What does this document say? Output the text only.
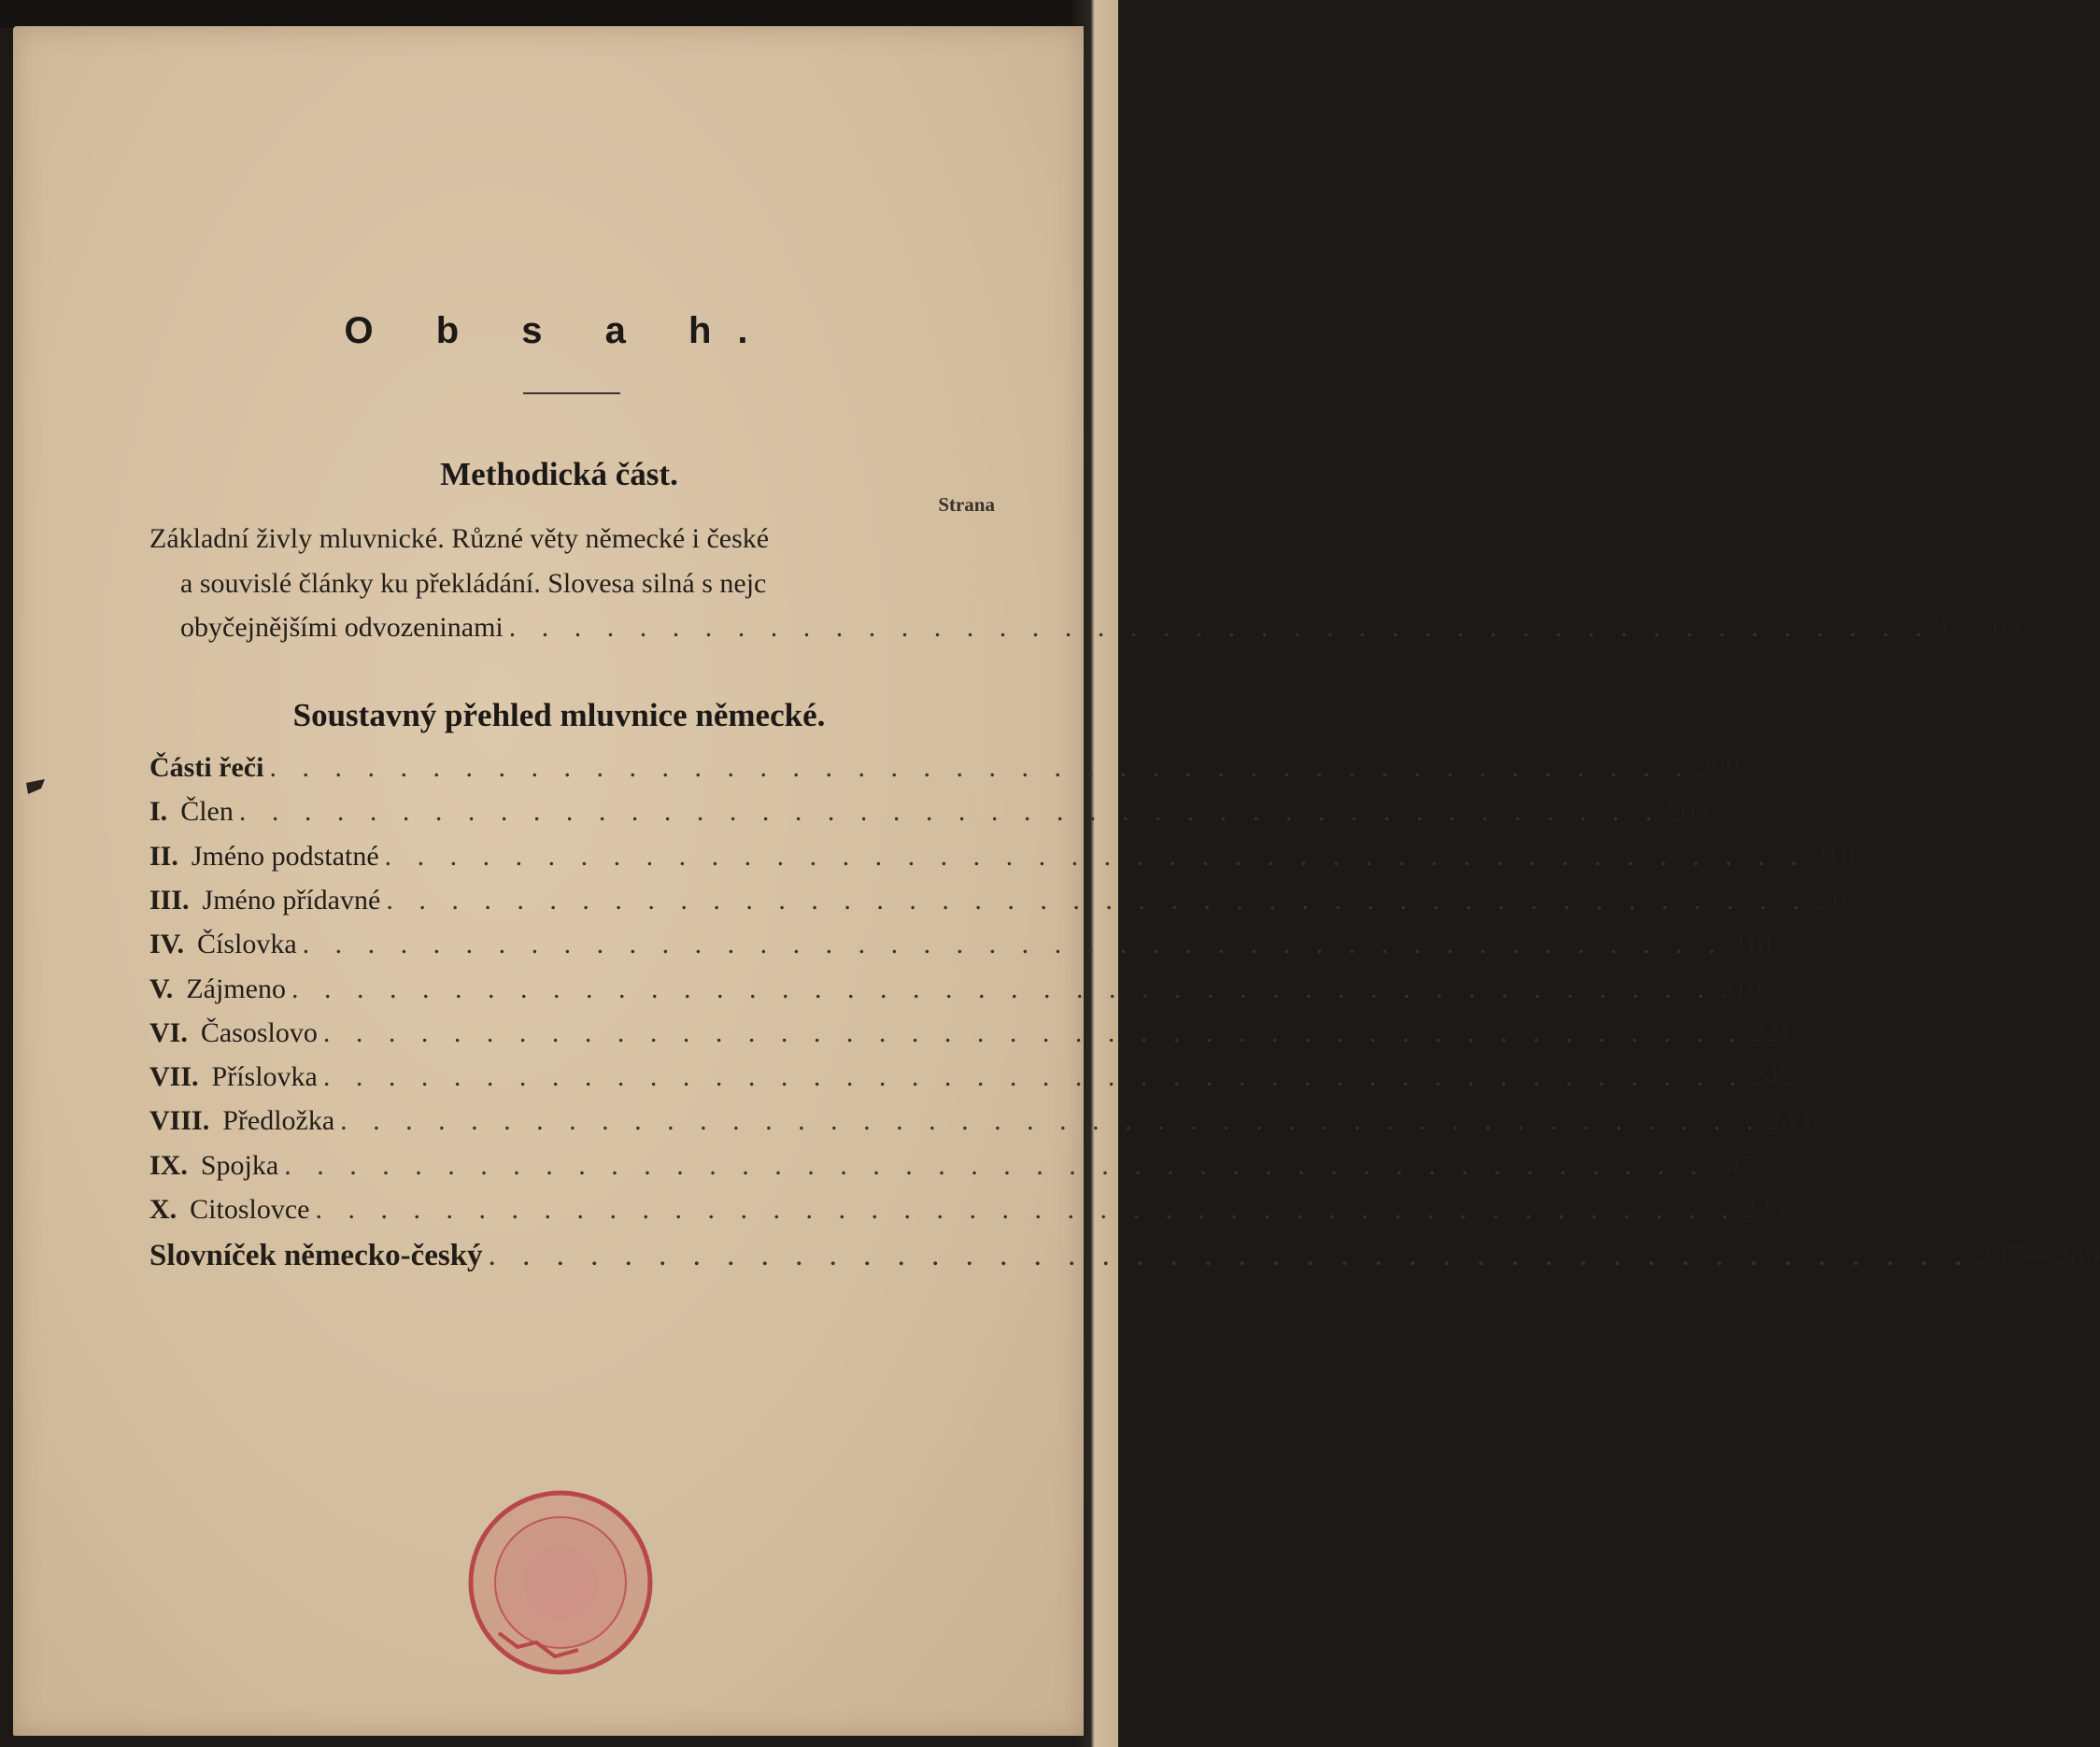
O b s a h.
Methodická část.
Strana
Základní živly mluvnické. Různé věty německé i české
a souvislé články ku překládání. Slovesa silná s nejc
obyčejnějšími odvozeninami . . . . . . . . . . . . . . . . . . . . . . . . . . . . . . . . . . . . . . . . . . . . 1—208
Soustavný přehled mluvnice německé.
Části řeči . . . . . . . . . . . . . . . . . . . . . . . . . . . . . . . . . . . . . . . . . . . . 209
I. Člen . . . . . . . . . . . . . . . . . . . . . . . . . . . . . . . . . . . . . . . . . . . . 209
II. Jméno podstatné . . . . . . . . . . . . . . . . . . . . . . . . . . . . . . . . . . . . . . . . . . . . 210
III. Jméno přídavné . . . . . . . . . . . . . . . . . . . . . . . . . . . . . . . . . . . . . . . . . . . . 216
IV. Číslovka . . . . . . . . . . . . . . . . . . . . . . . . . . . . . . . . . . . . . . . . . . . . 218
V. Zájmeno . . . . . . . . . . . . . . . . . . . . . . . . . . . . . . . . . . . . . . . . . . . . 219
VI. Časoslovo . . . . . . . . . . . . . . . . . . . . . . . . . . . . . . . . . . . . . . . . . . . . 221
VII. Příslovka . . . . . . . . . . . . . . . . . . . . . . . . . . . . . . . . . . . . . . . . . . . . 242
VIII. Předložka . . . . . . . . . . . . . . . . . . . . . . . . . . . . . . . . . . . . . . . . . . . . 243
IX. Spojka . . . . . . . . . . . . . . . . . . . . . . . . . . . . . . . . . . . . . . . . . . . . 245
X. Citoslovce . . . . . . . . . . . . . . . . . . . . . . . . . . . . . . . . . . . . . . . . . . . . 246
Slovníček německo-český . . . . . . . . . . . . . . . . . . . . . . . . . . . . . . . . . . . . . . . . . . . . 247—289
